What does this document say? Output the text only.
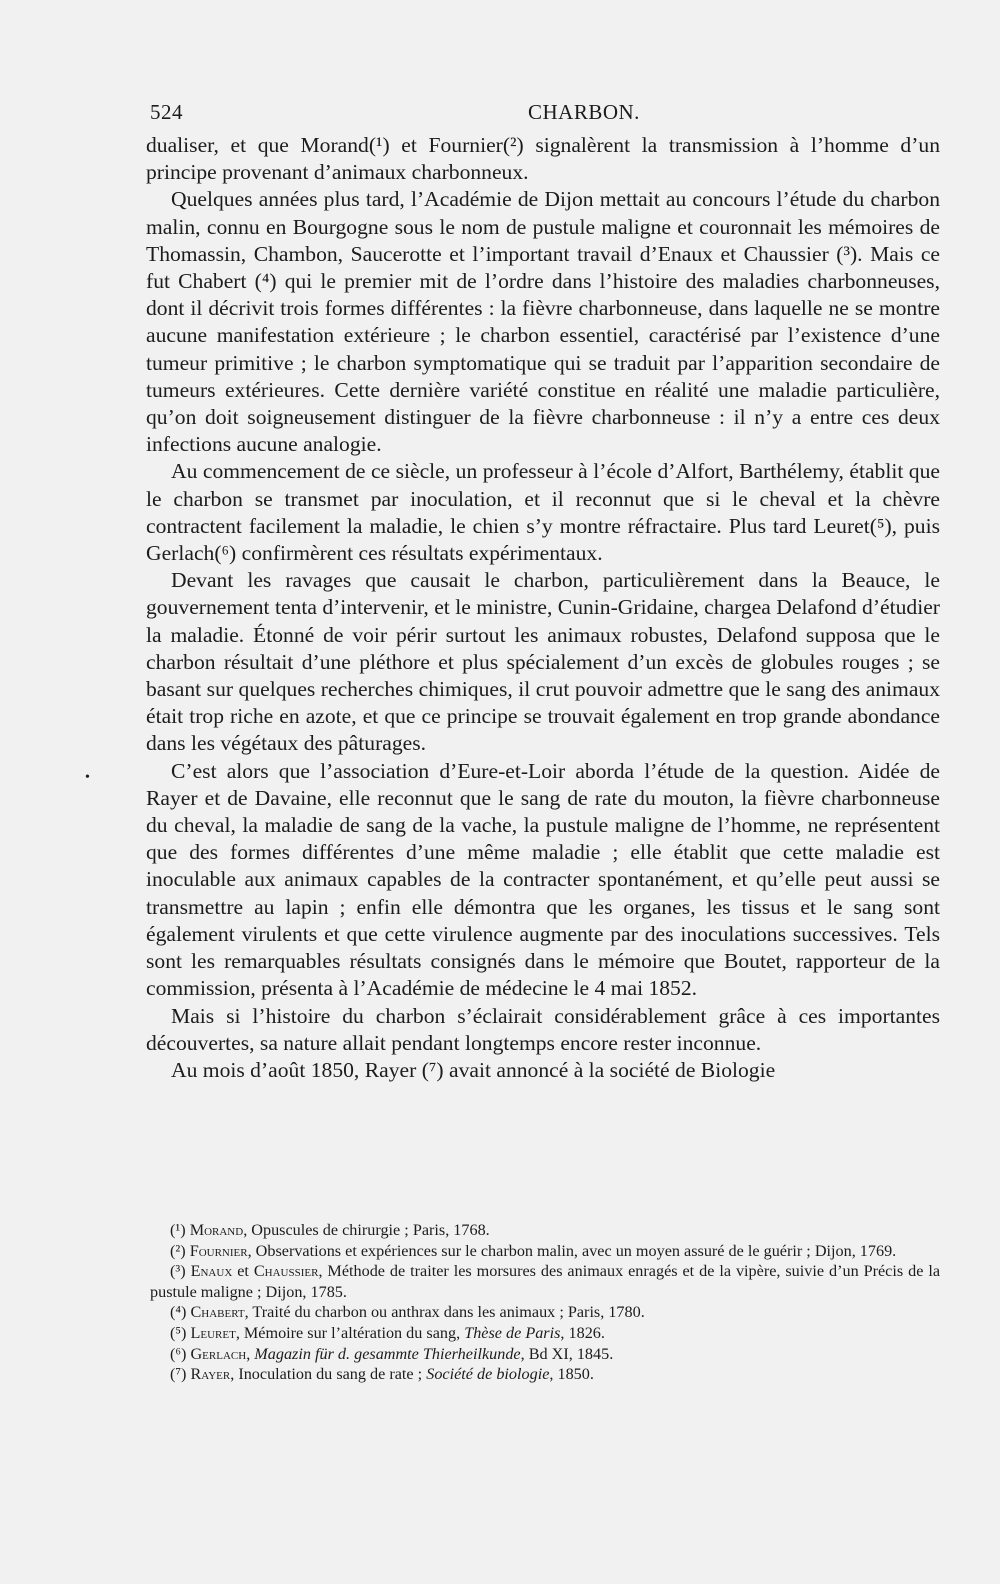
524	CHARBON.

dualiser, et que Morand(¹) et Fournier(²) signalèrent la transmission à l’homme d’un principe provenant d’animaux charbonneux.

Quelques années plus tard, l’Académie de Dijon mettait au concours l’étude du charbon malin, connu en Bourgogne sous le nom de pustule maligne et couronnait les mémoires de Thomassin, Chambon, Saucerotte et l’important travail d’Enaux et Chaussier (³). Mais ce fut Chabert (⁴) qui le premier mit de l’ordre dans l’histoire des maladies charbonneuses, dont il décrivit trois formes différentes : la fièvre charbonneuse, dans laquelle ne se montre aucune manifestation extérieure ; le charbon essentiel, caractérisé par l’existence d’une tumeur primitive ; le charbon symptomatique qui se traduit par l’apparition secondaire de tumeurs extérieures. Cette dernière variété constitue en réalité une maladie particulière, qu’on doit soigneusement distinguer de la fièvre charbonneuse : il n’y a entre ces deux infections aucune analogie.

Au commencement de ce siècle, un professeur à l’école d’Alfort, Barthélemy, établit que le charbon se transmet par inoculation, et il reconnut que si le cheval et la chèvre contractent facilement la maladie, le chien s’y montre réfractaire. Plus tard Leuret(⁵), puis Gerlach(⁶) confirmèrent ces résultats expérimentaux.

Devant les ravages que causait le charbon, particulièrement dans la Beauce, le gouvernement tenta d’intervenir, et le ministre, Cunin-Gridaine, chargea Delafond d’étudier la maladie. Étonné de voir périr surtout les animaux robustes, Delafond supposa que le charbon résultait d’une pléthore et plus spécialement d’un excès de globules rouges ; se basant sur quelques recherches chimiques, il crut pouvoir admettre que le sang des animaux était trop riche en azote, et que ce principe se trouvait également en trop grande abondance dans les végétaux des pâturages.

C’est alors que l’association d’Eure-et-Loir aborda l’étude de la question. Aidée de Rayer et de Davaine, elle reconnut que le sang de rate du mouton, la fièvre charbonneuse du cheval, la maladie de sang de la vache, la pustule maligne de l’homme, ne représentent que des formes différentes d’une même maladie ; elle établit que cette maladie est inoculable aux animaux capables de la contracter spontanément, et qu’elle peut aussi se transmettre au lapin ; enfin elle démontra que les organes, les tissus et le sang sont également virulents et que cette virulence augmente par des inoculations successives. Tels sont les remarquables résultats consignés dans le mémoire que Boutet, rapporteur de la commission, présenta à l’Académie de médecine le 4 mai 1852.

Mais si l’histoire du charbon s’éclairait considérablement grâce à ces importantes découvertes, sa nature allait pendant longtemps encore rester inconnue.

Au mois d’août 1850, Rayer (⁷) avait annoncé à la société de Biologie

•

(¹) Morand, Opuscules de chirurgie ; Paris, 1768.

(²) Fournier, Observations et expériences sur le charbon malin, avec un moyen assuré de le guérir ; Dijon, 1769.

(³) Enaux et Chaussier, Méthode de traiter les morsures des animaux enragés et de la vipère, suivie d’un Précis de la pustule maligne ; Dijon, 1785.

(⁴) Chabert, Traité du charbon ou anthrax dans les animaux ; Paris, 1780.

(⁵) Leuret, Mémoire sur l’altération du sang, Thèse de Paris, 1826.

(⁶) Gerlach, Magazin für d. gesammte Thierheilkunde, Bd XI, 1845.

(⁷) Rayer, Inoculation du sang de rate ; Société de biologie, 1850.
